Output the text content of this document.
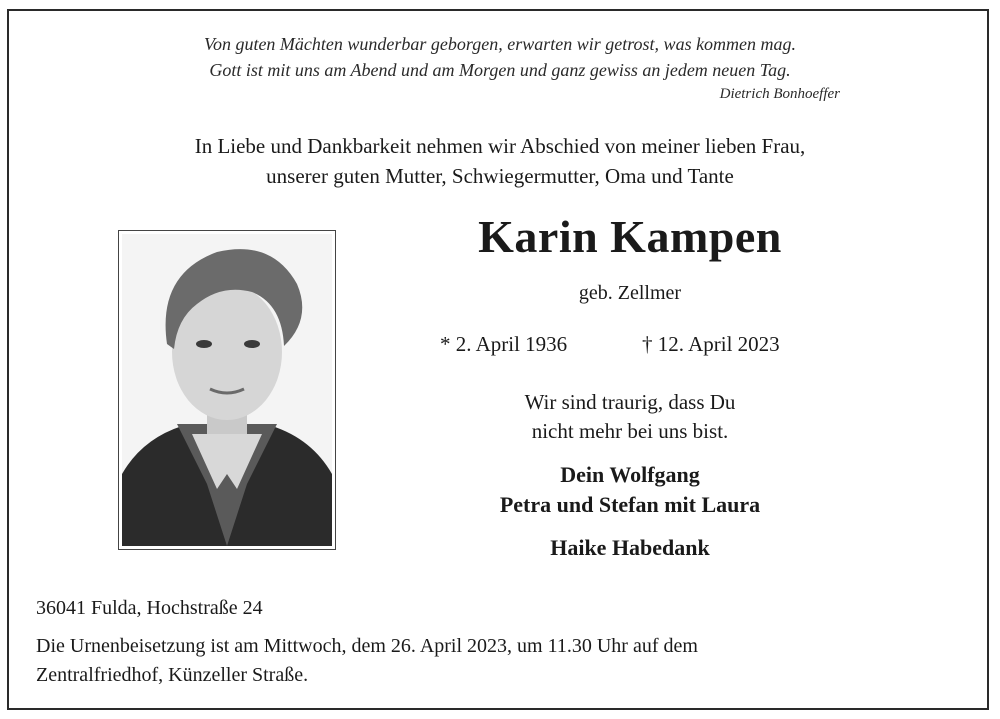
Von guten Mächten wunderbar geborgen, erwarten wir getrost, was kommen mag.
Gott ist mit uns am Abend und am Morgen und ganz gewiss an jedem neuen Tag.
Dietrich Bonhoeffer
In Liebe und Dankbarkeit nehmen wir Abschied von meiner lieben Frau,
unserer guten Mutter, Schwiegermutter, Oma und Tante
Karin Kampen
geb. Zellmer
* 2. April 1936	† 12. April 2023
Wir sind traurig, dass Du
nicht mehr bei uns bist.
Dein Wolfgang
Petra und Stefan mit Laura
Haike Habedank
36041 Fulda, Hochstraße 24
Die Urnenbeisetzung ist am Mittwoch, dem 26. April 2023, um 11.30 Uhr auf dem
Zentralfriedhof, Künzeller Straße.
